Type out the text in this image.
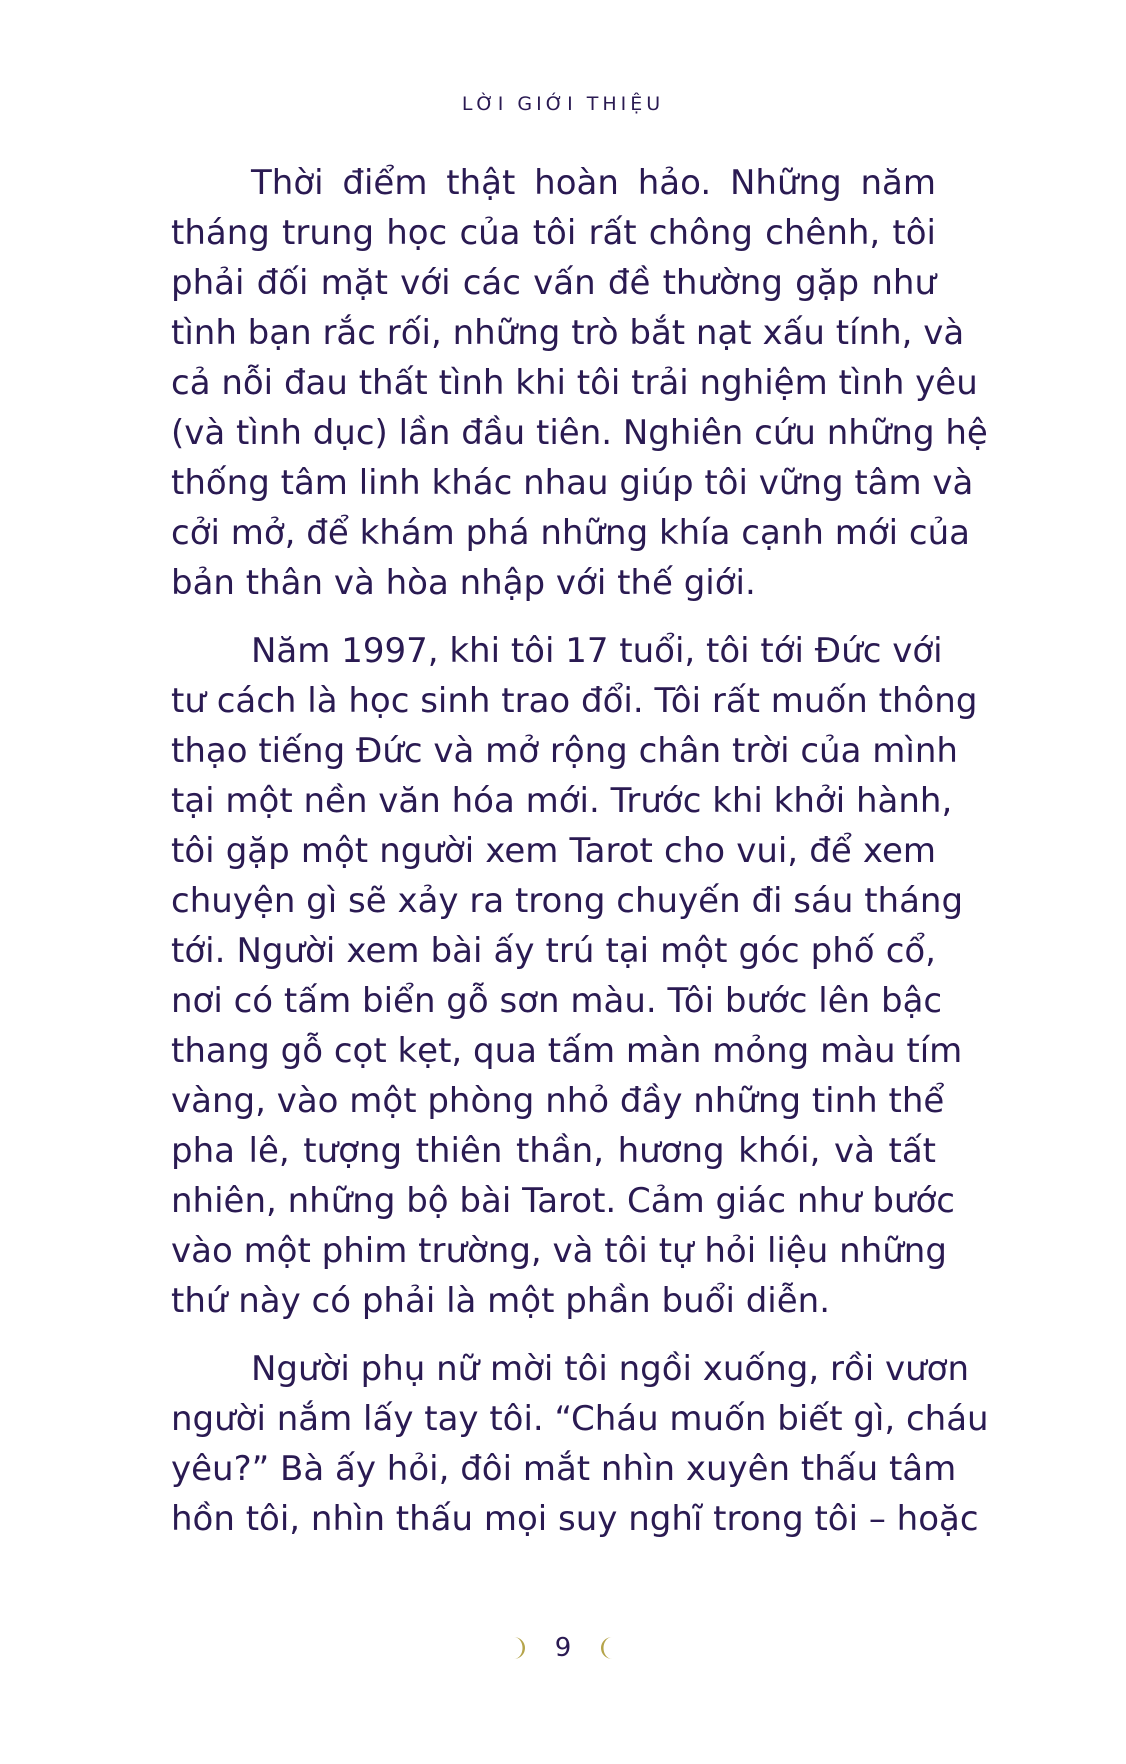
LỜI GIỚI THIỆU
Thời điểm thật hoàn hảo. Những năm
tháng trung học của tôi rất chông chênh, tôi
phải đối mặt với các vấn đề thường gặp như
tình bạn rắc rối, những trò bắt nạt xấu tính, và
cả nỗi đau thất tình khi tôi trải nghiệm tình yêu
(và tình dục) lần đầu tiên. Nghiên cứu những hệ
thống tâm linh khác nhau giúp tôi vững tâm và
cởi mở, để khám phá những khía cạnh mới của
bản thân và hòa nhập với thế giới.
Năm 1997, khi tôi 17 tuổi, tôi tới Đức với
tư cách là học sinh trao đổi. Tôi rất muốn thông
thạo tiếng Đức và mở rộng chân trời của mình
tại một nền văn hóa mới. Trước khi khởi hành,
tôi gặp một người xem Tarot cho vui, để xem
chuyện gì sẽ xảy ra trong chuyến đi sáu tháng
tới. Người xem bài ấy trú tại một góc phố cổ,
nơi có tấm biển gỗ sơn màu. Tôi bước lên bậc
thang gỗ cọt kẹt, qua tấm màn mỏng màu tím
vàng, vào một phòng nhỏ đầy những tinh thể
pha lê, tượng thiên thần, hương khói, và tất
nhiên, những bộ bài Tarot. Cảm giác như bước
vào một phim trường, và tôi tự hỏi liệu những
thứ này có phải là một phần buổi diễn.
Người phụ nữ mời tôi ngồi xuống, rồi vươn
người nắm lấy tay tôi. “Cháu muốn biết gì, cháu
yêu?” Bà ấy hỏi, đôi mắt nhìn xuyên thấu tâm
hồn tôi, nhìn thấu mọi suy nghĩ trong tôi – hoặc
9
